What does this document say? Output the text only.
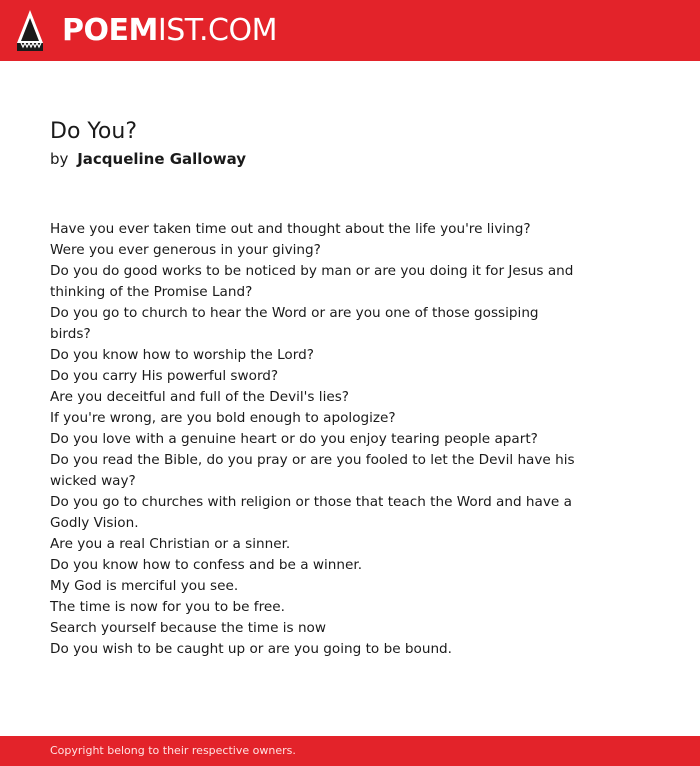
POEMIST.COM
Do You?
by Jacqueline Galloway
Have you ever taken time out and thought about the life you're living?
Were you ever generous in your giving?
Do you do good works to be noticed by man or are you doing it for Jesus and thinking of the Promise Land?
Do you go to church to hear the Word or are you one of those gossiping birds?
Do you know how to worship the Lord?
Do you carry His powerful sword?
Are you deceitful and full of the Devil's lies?
If you're wrong, are you bold enough to apologize?
Do you love with a genuine heart or do you enjoy tearing people apart?
Do you read the Bible, do you pray or are you fooled to let the Devil have his wicked way?
Do you go to churches with religion or those that teach the Word and have a Godly Vision.
Are you a real Christian or a sinner.
Do you know how to confess and be a winner.
My God is merciful you see.
The time is now for you to be free.
Search yourself because the time is now
Do you wish to be caught up or are you going to be bound.
Copyright belong to their respective owners.
